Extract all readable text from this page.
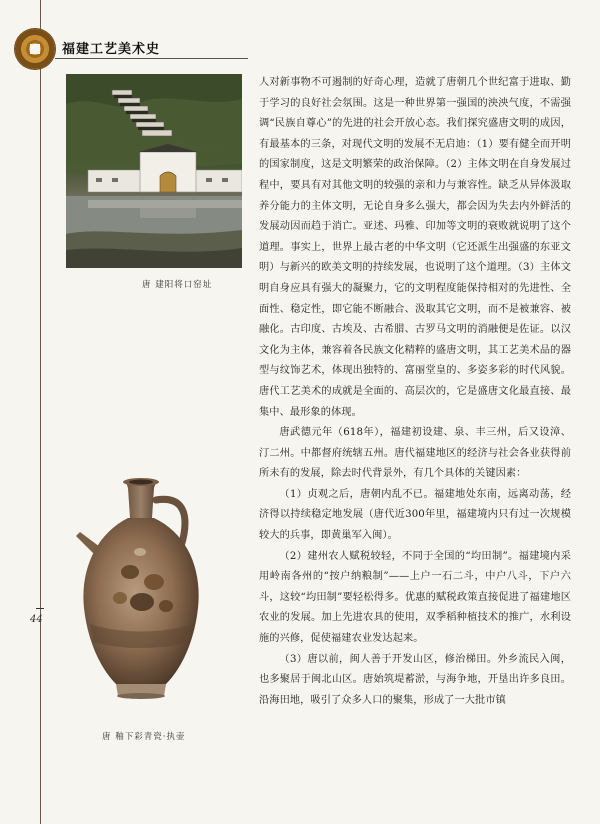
福建工艺美术史
唐 建阳将口窑址
唐 釉下彩青瓷·执壶
44

人对新事物不可遏制的好奇心理，造就了唐朝几个世纪富于进取、勤于学习的良好社会氛围。这是一种世界第一强国的泱泱气度，不需强调“民族自尊心”的先进的社会开放心态。我们探究盛唐文明的成因，有最基本的三条，对现代文明的发展不无启迪：（1）要有健全而开明的国家制度，这是文明繁荣的政治保障。（2）主体文明在自身发展过程中，要具有对其他文明的较强的亲和力与兼容性。缺乏从异体汲取养分能力的主体文明，无论自身多么强大，都会因为失去内外鲜活的发展动因而趋于消亡。亚述、玛雅、印加等文明的衰败就说明了这个道理。事实上，世界上最古老的中华文明（它还派生出强盛的东亚文明）与新兴的欧美文明的持续发展，也说明了这个道理。（3）主体文明自身应具有强大的凝聚力，它的文明程度能保持相对的先进性、全面性、稳定性，即它能不断融合、汲取其它文明，而不是被兼容、被融化。古印度、古埃及、古希腊、古罗马文明的消融便是佐证。以汉文化为主体，兼容着各民族文化精粹的盛唐文明，其工艺美术品的器型与纹饰艺术，体现出独特的、富丽堂皇的、多姿多彩的时代风貌。唐代工艺美术的成就是全面的、高层次的，它是盛唐文化最直接、最集中、最形象的体现。

唐武德元年（618年），福建初设建、泉、丰三州，后又设漳、汀二州。中都督府统辖五州。唐代福建地区的经济与社会各业获得前所未有的发展，除去时代背景外，有几个具体的关键因素：

（1）贞观之后，唐朝内乱不已。福建地处东南，远离动荡，经济得以持续稳定地发展（唐代近300年里，福建境内只有过一次规模较大的兵事，即黄巢军入闽）。

（2）建州农人赋税较轻，不同于全国的“均田制”。福建境内采用岭南各州的“按户纳粮制”——上户一石二斗，中户八斗，下户六斗，这较“均田制”要轻松得多。优惠的赋税政策直接促进了福建地区农业的发展。加上先进农具的使用，双季稻种植技术的推广，水利设施的兴修，促使福建农业发达起来。

（3）唐以前，闽人善于开发山区，修治梯田。外乡流民入闽，也多聚居于闽北山区。唐始筑堤蓄淤，与海争地，开垦出许多良田。沿海田地，吸引了众多人口的聚集，形成了一大批市镇
